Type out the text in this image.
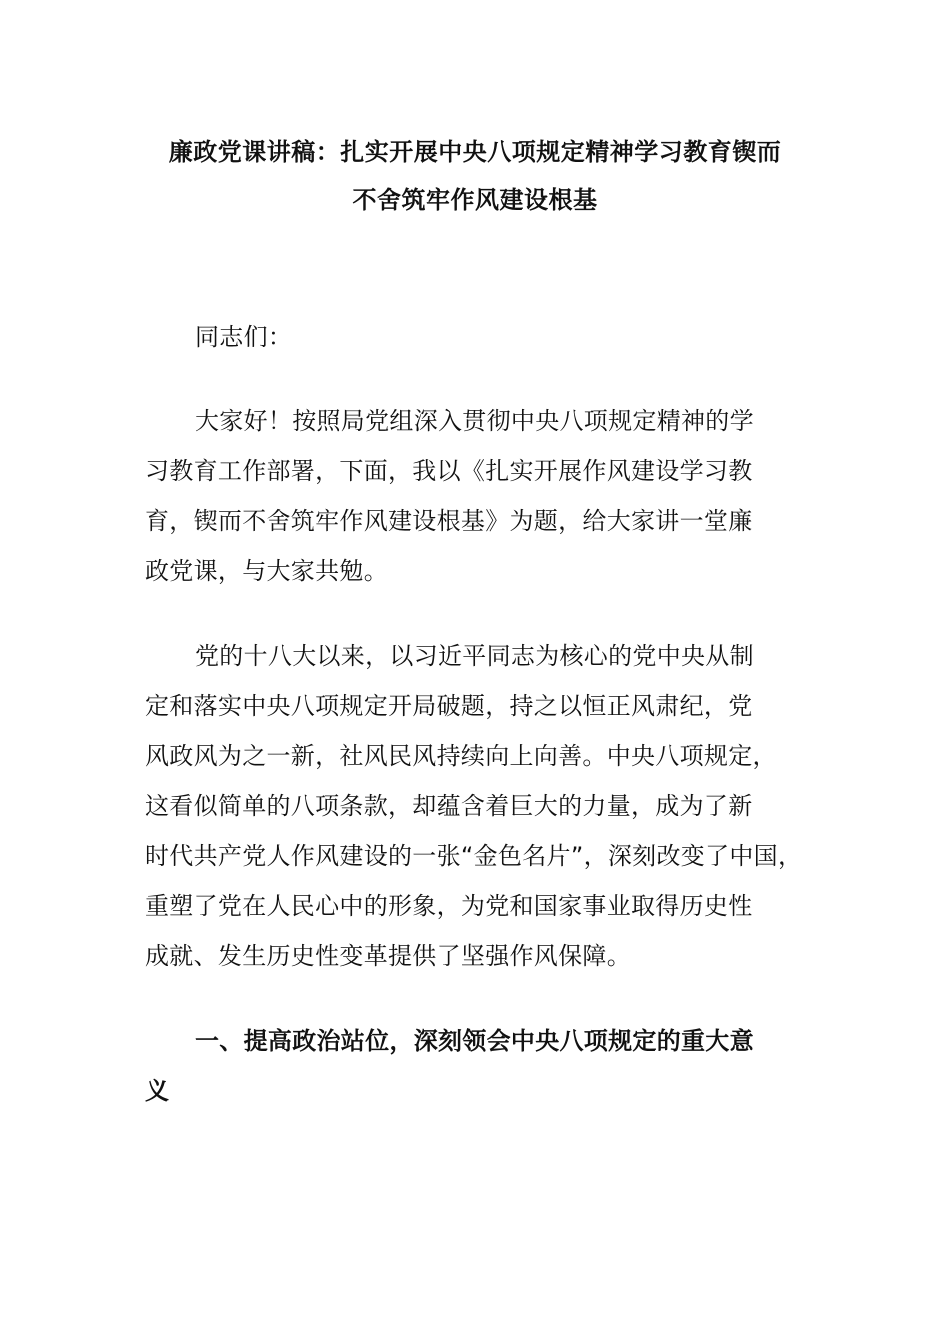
廉政党课讲稿：扎实开展中央八项规定精神学习教育锲而
不舍筑牢作风建设根基
同志们：
大家好！按照局党组深入贯彻中央八项规定精神的学
习教育工作部署，下面，我以《扎实开展作风建设学习教
育，锲而不舍筑牢作风建设根基》为题，给大家讲一堂廉
政党课，与大家共勉。
党的十八大以来，以习近平同志为核心的党中央从制
定和落实中央八项规定开局破题，持之以恒正风肃纪，党
风政风为之一新，社风民风持续向上向善。中央八项规定，
这看似简单的八项条款，却蕴含着巨大的力量，成为了新
时代共产党人作风建设的一张“金色名片”，深刻改变了中国，
重塑了党在人民心中的形象，为党和国家事业取得历史性
成就、发生历史性变革提供了坚强作风保障。
一、提高政治站位，深刻领会中央八项规定的重大意
义
